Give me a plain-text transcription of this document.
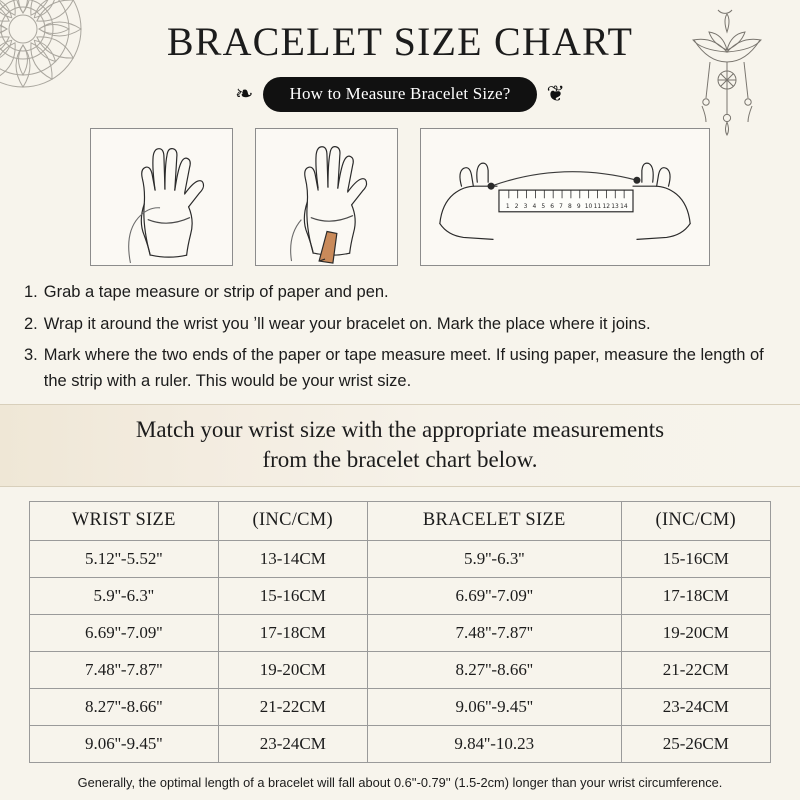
BRACELET SIZE CHART
❧	How to Measure Bracelet Size?	❦
1 2 3 4 5 6 7 8 9 10 11 12 13 14
1. Grab a tape measure or strip of paper and pen.
2. Wrap it around the wrist you ʼll wear your bracelet on. Mark the place where it joins.
3. Mark where the two ends of the paper or tape measure meet. If using paper, measure the length of the strip with a ruler. This would be your wrist size.
Match your wrist size with the appropriate measurements
from the bracelet chart below.
WRIST SIZE	(INC/CM)	BRACELET SIZE	(INC/CM)
5.12''-5.52''	13-14CM	5.9''-6.3''	15-16CM
5.9''-6.3''	15-16CM	6.69''-7.09''	17-18CM
6.69''-7.09''	17-18CM	7.48''-7.87''	19-20CM
7.48''-7.87''	19-20CM	8.27''-8.66''	21-22CM
8.27''-8.66''	21-22CM	9.06''-9.45''	23-24CM
9.06''-9.45''	23-24CM	9.84''-10.23	25-26CM
Generally, the optimal length of a bracelet will fall about 0.6''-0.79'' (1.5-2cm) longer than your wrist circumference.
